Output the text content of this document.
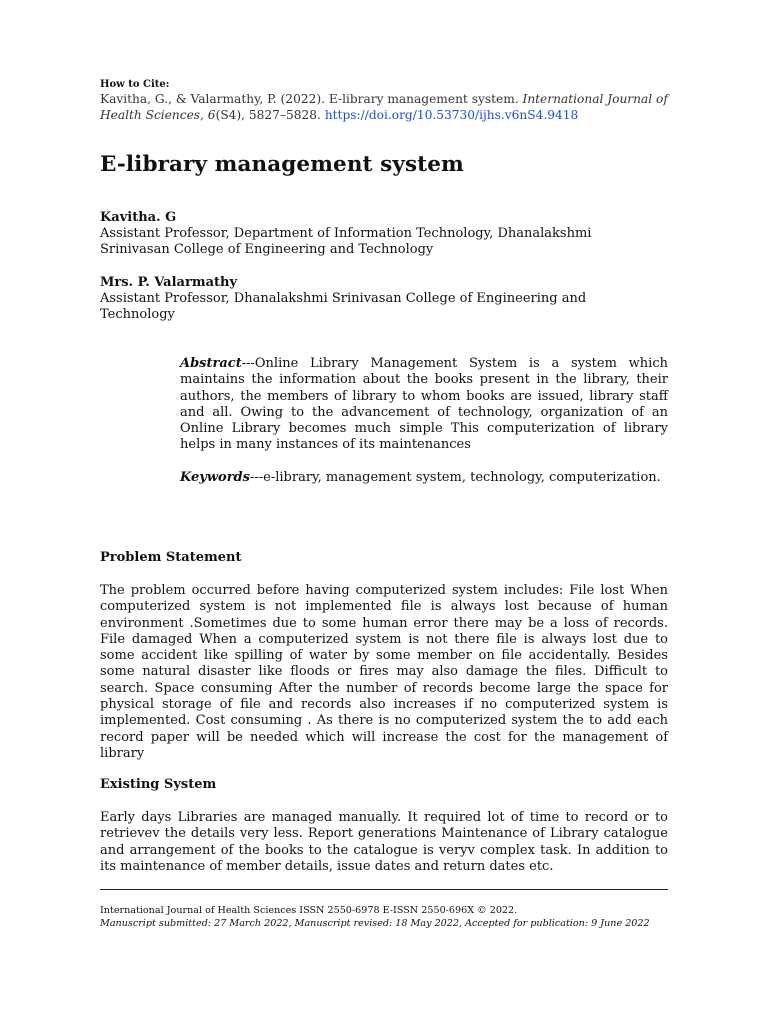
How to Cite:
Kavitha, G., & Valarmathy, P. (2022). E-library management system. International Journal of Health Sciences, 6(S4), 5827–5828. https://doi.org/10.53730/ijhs.v6nS4.9418
E-library management system
Kavitha. G
Assistant Professor, Department of Information Technology, Dhanalakshmi Srinivasan College of Engineering and Technology
Mrs. P. Valarmathy
Assistant Professor, Dhanalakshmi Srinivasan College of Engineering and Technology

Abstract---Online Library Management System is a system which maintains the information about the books present in the library, their authors, the members of library to whom books are issued, library staff and all. Owing to the advancement of technology, organization of an Online Library becomes much simple This computerization of library helps in many instances of its maintenances

Keywords---e-library, management system, technology, computerization.

Problem Statement

The problem occurred before having computerized system includes: File lost When computerized system is not implemented file is always lost because of human environment .Sometimes due to some human error there may be a loss of records. File damaged When a computerized system is not there file is always lost due to some accident like spilling of water by some member on file accidentally. Besides some natural disaster like floods or fires may also damage the files. Difficult to search. Space consuming After the number of records become large the space for physical storage of file and records also increases if no computerized system is implemented. Cost consuming . As there is no computerized system the to add each record paper will be needed which will increase the cost for the management of library

Existing System

Early days Libraries are managed manually. It required lot of time to record or to retrievev the details very less. Report generations Maintenance of Library catalogue and arrangement of the books to the catalogue is veryv complex task. In addition to its maintenance of member details, issue dates and return dates etc.

International Journal of Health Sciences ISSN 2550-6978 E-ISSN 2550-696X © 2022.
Manuscript submitted: 27 March 2022, Manuscript revised: 18 May 2022, Accepted for publication: 9 June 2022
